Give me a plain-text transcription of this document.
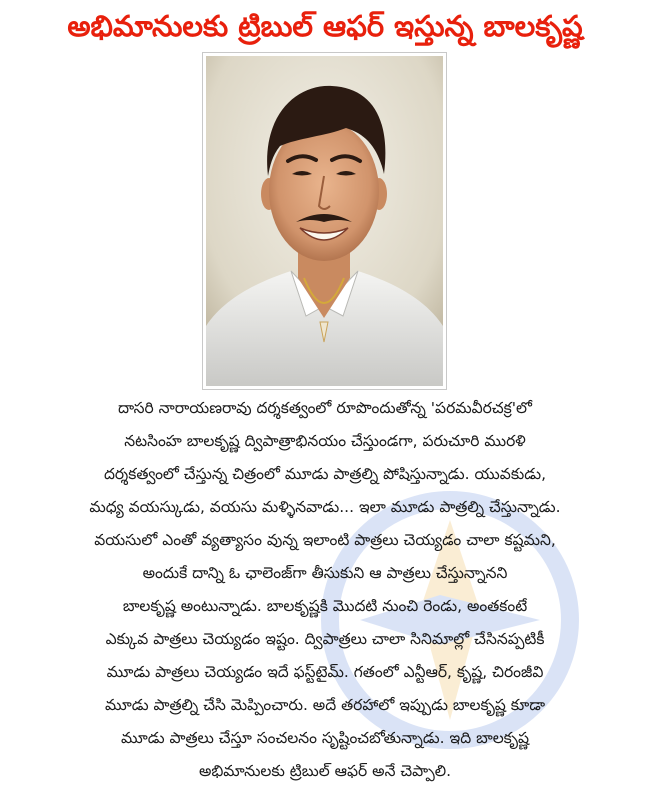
అభిమానులకు ట్రిబుల్ ఆఫర్ ఇస్తున్న బాలకృష్ణ
దాసరి నారాయణరావు దర్శకత్వంలో రూపొందుతోన్న 'పరమవీరచక్ర'లో
నటసింహ బాలకృష్ణ ద్విపాత్రాభినయం చేస్తుండగా, పరుచూరి మురళి
దర్శకత్వంలో చేస్తున్న చిత్రంలో మూడు పాత్రల్ని పోషిస్తున్నాడు. యువకుడు,
మధ్య వయస్కుడు, వయసు మళ్ళినవాడు... ఇలా మూడు పాత్రల్ని చేస్తున్నాడు.
వయసులో ఎంతో వ్యత్యాసం వున్న ఇలాంటి పాత్రలు చెయ్యడం చాలా కష్టమని,
అందుకే దాన్ని ఓ ఛాలెంజ్‌గా తీసుకుని ఆ పాత్రలు చేస్తున్నానని
బాలకృష్ణ అంటున్నాడు. బాలకృష్ణకి మొదటి నుంచి రెండు, అంతకంటే
ఎక్కువ పాత్రలు చెయ్యడం ఇష్టం. ద్విపాత్రలు చాలా సినిమాల్లో చేసినప్పటికీ
మూడు పాత్రలు చెయ్యడం ఇదే ఫస్ట్‌టైమ్. గతంలో ఎన్టీఆర్, కృష్ణ, చిరంజీవి
మూడు పాత్రల్ని చేసి మెప్పించారు. అదే తరహాలో ఇప్పుడు బాలకృష్ణ కూడా
మూడు పాత్రలు చేస్తూ సంచలనం సృష్టించబోతున్నాడు. ఇది బాలకృష్ణ
అభిమానులకు ట్రిబుల్ ఆఫర్ అనే చెప్పాలి.
